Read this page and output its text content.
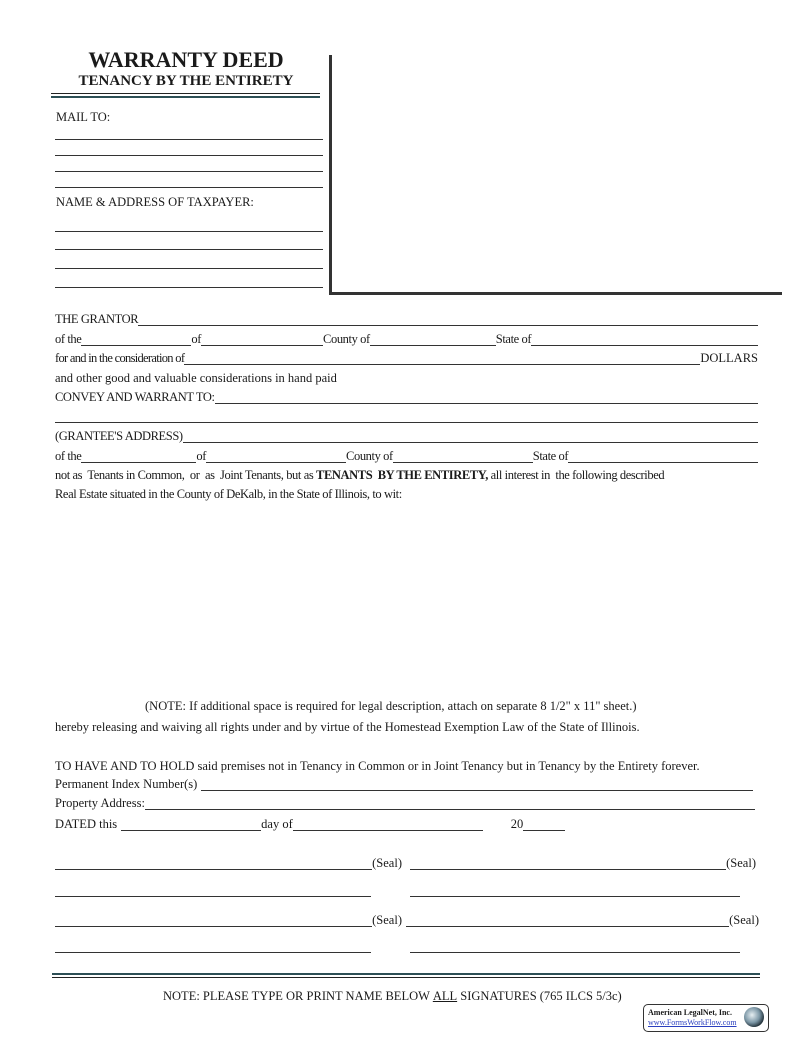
WARRANTY DEED
TENANCY BY THE ENTIRETY
MAIL TO:
NAME & ADDRESS OF TAXPAYER:
THE GRANTOR
of the	of	County of	State of
for and in the consideration of	DOLLARS
and other good and valuable considerations in hand paid
CONVEY AND WARRANT TO:
(GRANTEE'S ADDRESS)
of the	of	County of	State of
not as  Tenants in Common,  or  as  Joint Tenants, but as TENANTS  BY THE ENTIRETY, all interest in  the following described
Real Estate situated in the County of DeKalb, in the State of Illinois, to wit:
(NOTE: If additional space is required for legal description, attach on separate 8 1/2" x 11" sheet.)
hereby releasing and waiving all rights under and by virtue of the Homestead Exemption Law of the State of Illinois.
TO HAVE AND TO HOLD said premises not in Tenancy in Common or in Joint Tenancy but in Tenancy by the Entirety forever.
Permanent Index Number(s)
Property Address:
DATED this	day of	20
(Seal)	(Seal)
(Seal)	(Seal)
NOTE: PLEASE TYPE OR PRINT NAME BELOW ALL SIGNATURES (765 ILCS 5/3c)
American LegalNet, Inc.
www.FormsWorkFlow.com
